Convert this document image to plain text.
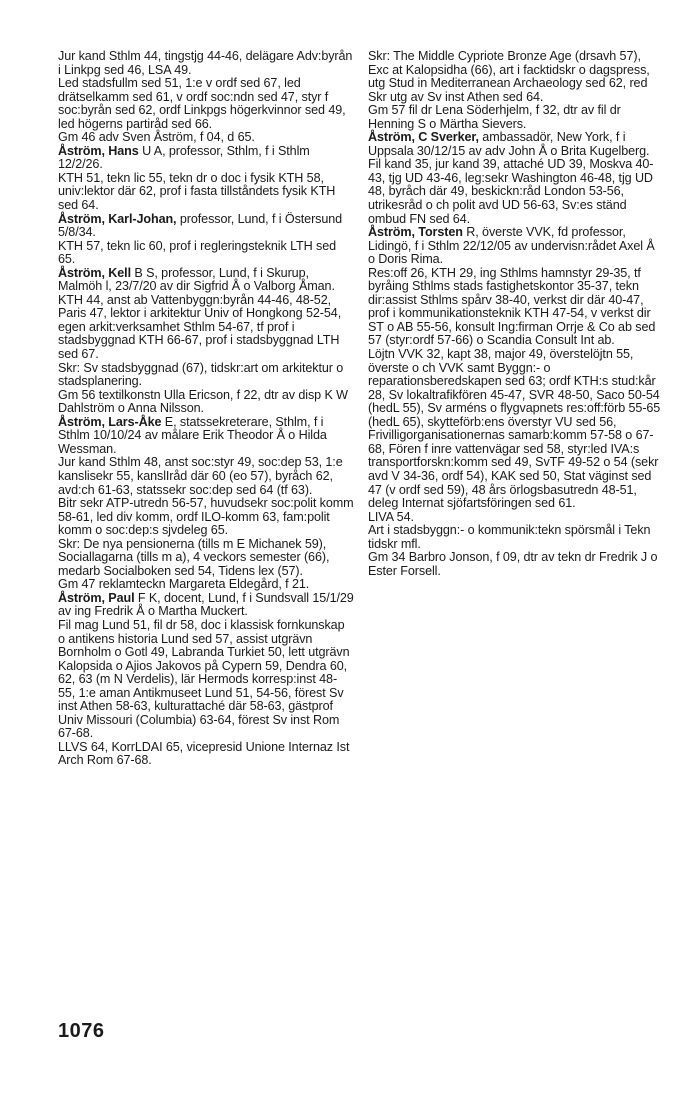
Jur kand Sthlm 44, tingstjg 44-46, delägare Adv:byrån i Linkpg sed 46, LSA 49.

Led stadsfullm sed 51, 1:e v ordf sed 67, led drätselkamm sed 61, v ordf soc:ndn sed 47, styr f soc:byrån sed 62, ordf Linkpgs högerkvinnor sed 49, led högerns partiråd sed 66.

Gm 46 adv Sven Åström, f 04, d 65.

Åström, Hans U A, professor, Sthlm, f i Sthlm 12/2/26.

KTH 51, tekn lic 55, tekn dr o doc i fysik KTH 58, univ:lektor där 62, prof i fasta tillståndets fysik KTH sed 64.

Åström, Karl-Johan, professor, Lund, f i Östersund 5/8/34.

KTH 57, tekn lic 60, prof i regleringsteknik LTH sed 65.

Åström, Kell B S, professor, Lund, f i Skurup, Malmöh l, 23/7/20 av dir Sigfrid Å o Valborg Åman.

KTH 44, anst ab Vattenbyggn:byrån 44-46, 48-52, Paris 47, lektor i arkitektur Univ of Hongkong 52-54, egen arkit:verksamhet Sthlm 54-67, tf prof i stadsbyggnad KTH 66-67, prof i stadsbyggnad LTH sed 67.

Skr: Sv stadsbyggnad (67), tidskr:art om arkitektur o stadsplanering.

Gm 56 textilkonstn Ulla Ericson, f 22, dtr av disp K W Dahlström o Anna Nilsson.

Åström, Lars-Åke E, statssekreterare, Sthlm, f i Sthlm 10/10/24 av målare Erik Theodor Å o Hilda Wessman.

Jur kand Sthlm 48, anst soc:styr 49, soc:dep 53, 1:e kanslisekr 55, kanslIråd där 60 (eo 57), byråch 62, avd:ch 61-63, statssekr soc:dep sed 64 (tf 63).

Bitr sekr ATP-utredn 56-57, huvudsekr soc:polit komm 58-61, led div komm, ordf ILO-komm 63, fam:polit komm o soc:dep:s sjvdeleg 65.

Skr: De nya pensionerna (tills m E Michanek 59), Sociallagarna (tills m a), 4 veckors semester (66), medarb Socialboken sed 54, Tidens lex (57).

Gm 47 reklamteckn Margareta Eldegård, f 21.

Åström, Paul F K, docent, Lund, f i Sundsvall 15/1/29 av ing Fredrik Å o Martha Muckert.

Fil mag Lund 51, fil dr 58, doc i klassisk fornkunskap o antikens historia Lund sed 57, assist utgrävn Bornholm o Gotl 49, Labranda Turkiet 50, lett utgrävn Kalopsida o Ajios Jakovos på Cypern 59, Dendra 60, 62, 63 (m N Verdelis), lär Hermods korresp:inst 48-55, 1:e aman Antikmuseet Lund 51, 54-56, förest Sv inst Athen 58-63, kulturattaché där 58-63, gästprof Univ Missouri (Columbia) 63-64, förest Sv inst Rom 67-68.

LLVS 64, KorrLDAI 65, vicepresid Unione Internaz Ist Arch Rom 67-68.

Skr: The Middle Cypriote Bronze Age (drsavh 57), Exc at Kalopsidha (66), art i facktidskr o dagspress, utg Stud in Mediterranean Archaeology sed 62, red Skr utg av Sv inst Athen sed 64.

Gm 57 fil dr Lena Söderhjelm, f 32, dtr av fil dr Henning S o Märtha Sievers.

Åström, C Sverker, ambassadör, New York, f i Uppsala 30/12/15 av adv John Å o Brita Kugelberg.

Fil kand 35, jur kand 39, attaché UD 39, Moskva 40-43, tjg UD 43-46, leg:sekr Washington 46-48, tjg UD 48, byråch där 49, beskickn:råd London 53-56, utrikesråd o ch polit avd UD 56-63, Sv:es ständ ombud FN sed 64.

Åström, Torsten R, överste VVK, fd professor, Lidingö, f i Sthlm 22/12/05 av undervisn:rådet Axel Å o Doris Rima.

Res:off 26, KTH 29, ing Sthlms hamnstyr 29-35, tf byråing Sthlms stads fastighetskontor 35-37, tekn dir:assist Sthlms spårv 38-40, verkst dir där 40-47, prof i kommunikationsteknik KTH 47-54, v verkst dir ST o AB 55-56, konsult Ing:firman Orrje & Co ab sed 57 (styr:ordf 57-66) o Scandia Consult Int ab.

Löjtn VVK 32, kapt 38, major 49, överstelöjtn 55, överste o ch VVK samt Byggn:- o reparationsberedskapen sed 63; ordf KTH:s stud:kår 28, Sv lokaltrafikfören 45-47, SVR 48-50, Saco 50-54 (hedL 55), Sv arméns o flygvapnets res:off:förb 55-65 (hedL 65), skytteförb:ens överstyr VU sed 56, Frivilligorganisationernas samarb:komm 57-58 o 67-68, Fören f inre vattenvägar sed 58, styr:led IVA:s transportforskn:komm sed 49, SvTF 49-52 o 54 (sekr avd V 34-36, ordf 54), KAK sed 50, Stat väginst sed 47 (v ordf sed 59), 48 års örlogsbasutredn 48-51, deleg Internat sjöfartsföringen sed 61.

LIVA 54.

Art i stadsbyggn:- o kommunik:tekn spörsmål i Tekn tidskr mfl.

Gm 34 Barbro Jonson, f 09, dtr av tekn dr Fredrik J o Ester Forsell.

1076
